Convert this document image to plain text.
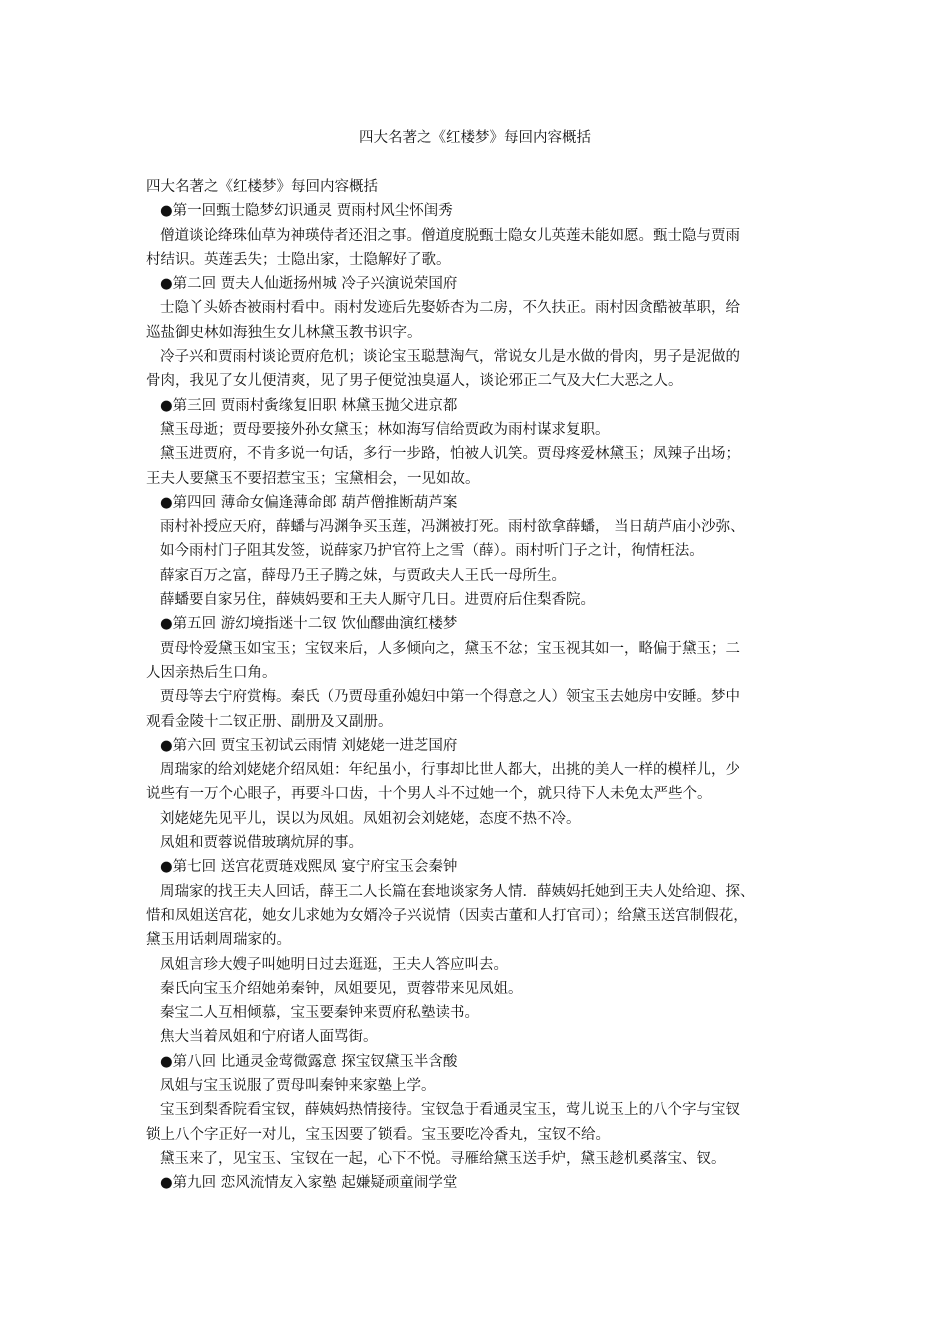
四大名著之《红楼梦》每回内容概括
四大名著之《红楼梦》每回内容概括
● 第一回甄士隐梦幻识通灵 贾雨村风尘怀闺秀
僧道谈论绛珠仙草为神瑛侍者还泪之事。僧道度脱甄士隐女儿英莲未能如愿。甄士隐与贾雨
村结识。英莲丢失；士隐出家，士隐解好了歌。
● 第二回 贾夫人仙逝扬州城 冷子兴演说荣国府
士隐丫头娇杏被雨村看中。雨村发迹后先娶娇杏为二房，不久扶正。雨村因贪酷被革职，给
巡盐御史林如海独生女儿林黛玉教书识字。
冷子兴和贾雨村谈论贾府危机；谈论宝玉聪慧淘气，常说女儿是水做的骨肉，男子是泥做的
骨肉，我见了女儿便清爽，见了男子便觉浊臭逼人，谈论邪正二气及大仁大恶之人。
● 第三回 贾雨村夤缘复旧职 林黛玉抛父进京都
黛玉母逝；贾母要接外孙女黛玉；林如海写信给贾政为雨村谋求复职。
黛玉进贾府，不肯多说一句话，多行一步路，怕被人讥笑。贾母疼爱林黛玉；凤辣子出场；
王夫人要黛玉不要招惹宝玉；宝黛相会，一见如故。
● 第四回 薄命女偏逢薄命郎 葫芦僧推断葫芦案
雨村补授应天府，薛蟠与冯渊争买玉莲，冯渊被打死。雨村欲拿薛蟠， 当日葫芦庙小沙弥、
如今雨村门子阻其发签，说薛家乃护官符上之雪（薛）。雨村听门子之计，徇情枉法。
薛家百万之富，薛母乃王子腾之妹，与贾政夫人王氏一母所生。
薛蟠要自家另住，薛姨妈要和王夫人厮守几日。进贾府后住梨香院。
● 第五回 游幻境指迷十二钗 饮仙醪曲演红楼梦
贾母怜爱黛玉如宝玉；宝钗来后，人多倾向之，黛玉不忿；宝玉视其如一，略偏于黛玉；二
人因亲热后生口角。
贾母等去宁府赏梅。秦氏（乃贾母重孙媳妇中第一个得意之人）领宝玉去她房中安睡。梦中
观看金陵十二钗正册、副册及又副册。
● 第六回 贾宝玉初试云雨情 刘姥姥一进芝国府
周瑞家的给刘姥姥介绍凤姐：年纪虽小，行事却比世人都大，出挑的美人一样的模样儿，少
说些有一万个心眼子，再要斗口齿，十个男人斗不过她一个，就只待下人未免太严些个。
刘姥姥先见平儿，误以为凤姐。凤姐初会刘姥姥，态度不热不冷。
凤姐和贾蓉说借玻璃炕屏的事。
● 第七回 送宫花贾琏戏熙凤 宴宁府宝玉会秦钟
周瑞家的找王夫人回话，薛王二人长篇在套地谈家务人情．薛姨妈托她到王夫人处给迎、探、
惜和凤姐送宫花，她女儿求她为女婿冷子兴说情（因卖古董和人打官司）；给黛玉送宫制假花，
黛玉用话刺周瑞家的。
凤姐言珍大嫂子叫她明日过去逛逛，王夫人答应叫去。
秦氏向宝玉介绍她弟秦钟，凤姐要见，贾蓉带来见凤姐。
秦宝二人互相倾慕，宝玉要秦钟来贾府私塾读书。
焦大当着凤姐和宁府诸人面骂街。
● 第八回 比通灵金莺微露意 探宝钗黛玉半含酸
凤姐与宝玉说服了贾母叫秦钟来家塾上学。
宝玉到梨香院看宝钗，薛姨妈热情接待。宝钗急于看通灵宝玉，莺儿说玉上的八个字与宝钗
锁上八个字正好一对儿，宝玉因要了锁看。宝玉要吃冷香丸，宝钗不给。
黛玉来了，见宝玉、宝钗在一起，心下不悦。寻雁给黛玉送手炉，黛玉趁机奚落宝、钗。
● 第九回 恋风流情友入家塾 起嫌疑顽童闹学堂
